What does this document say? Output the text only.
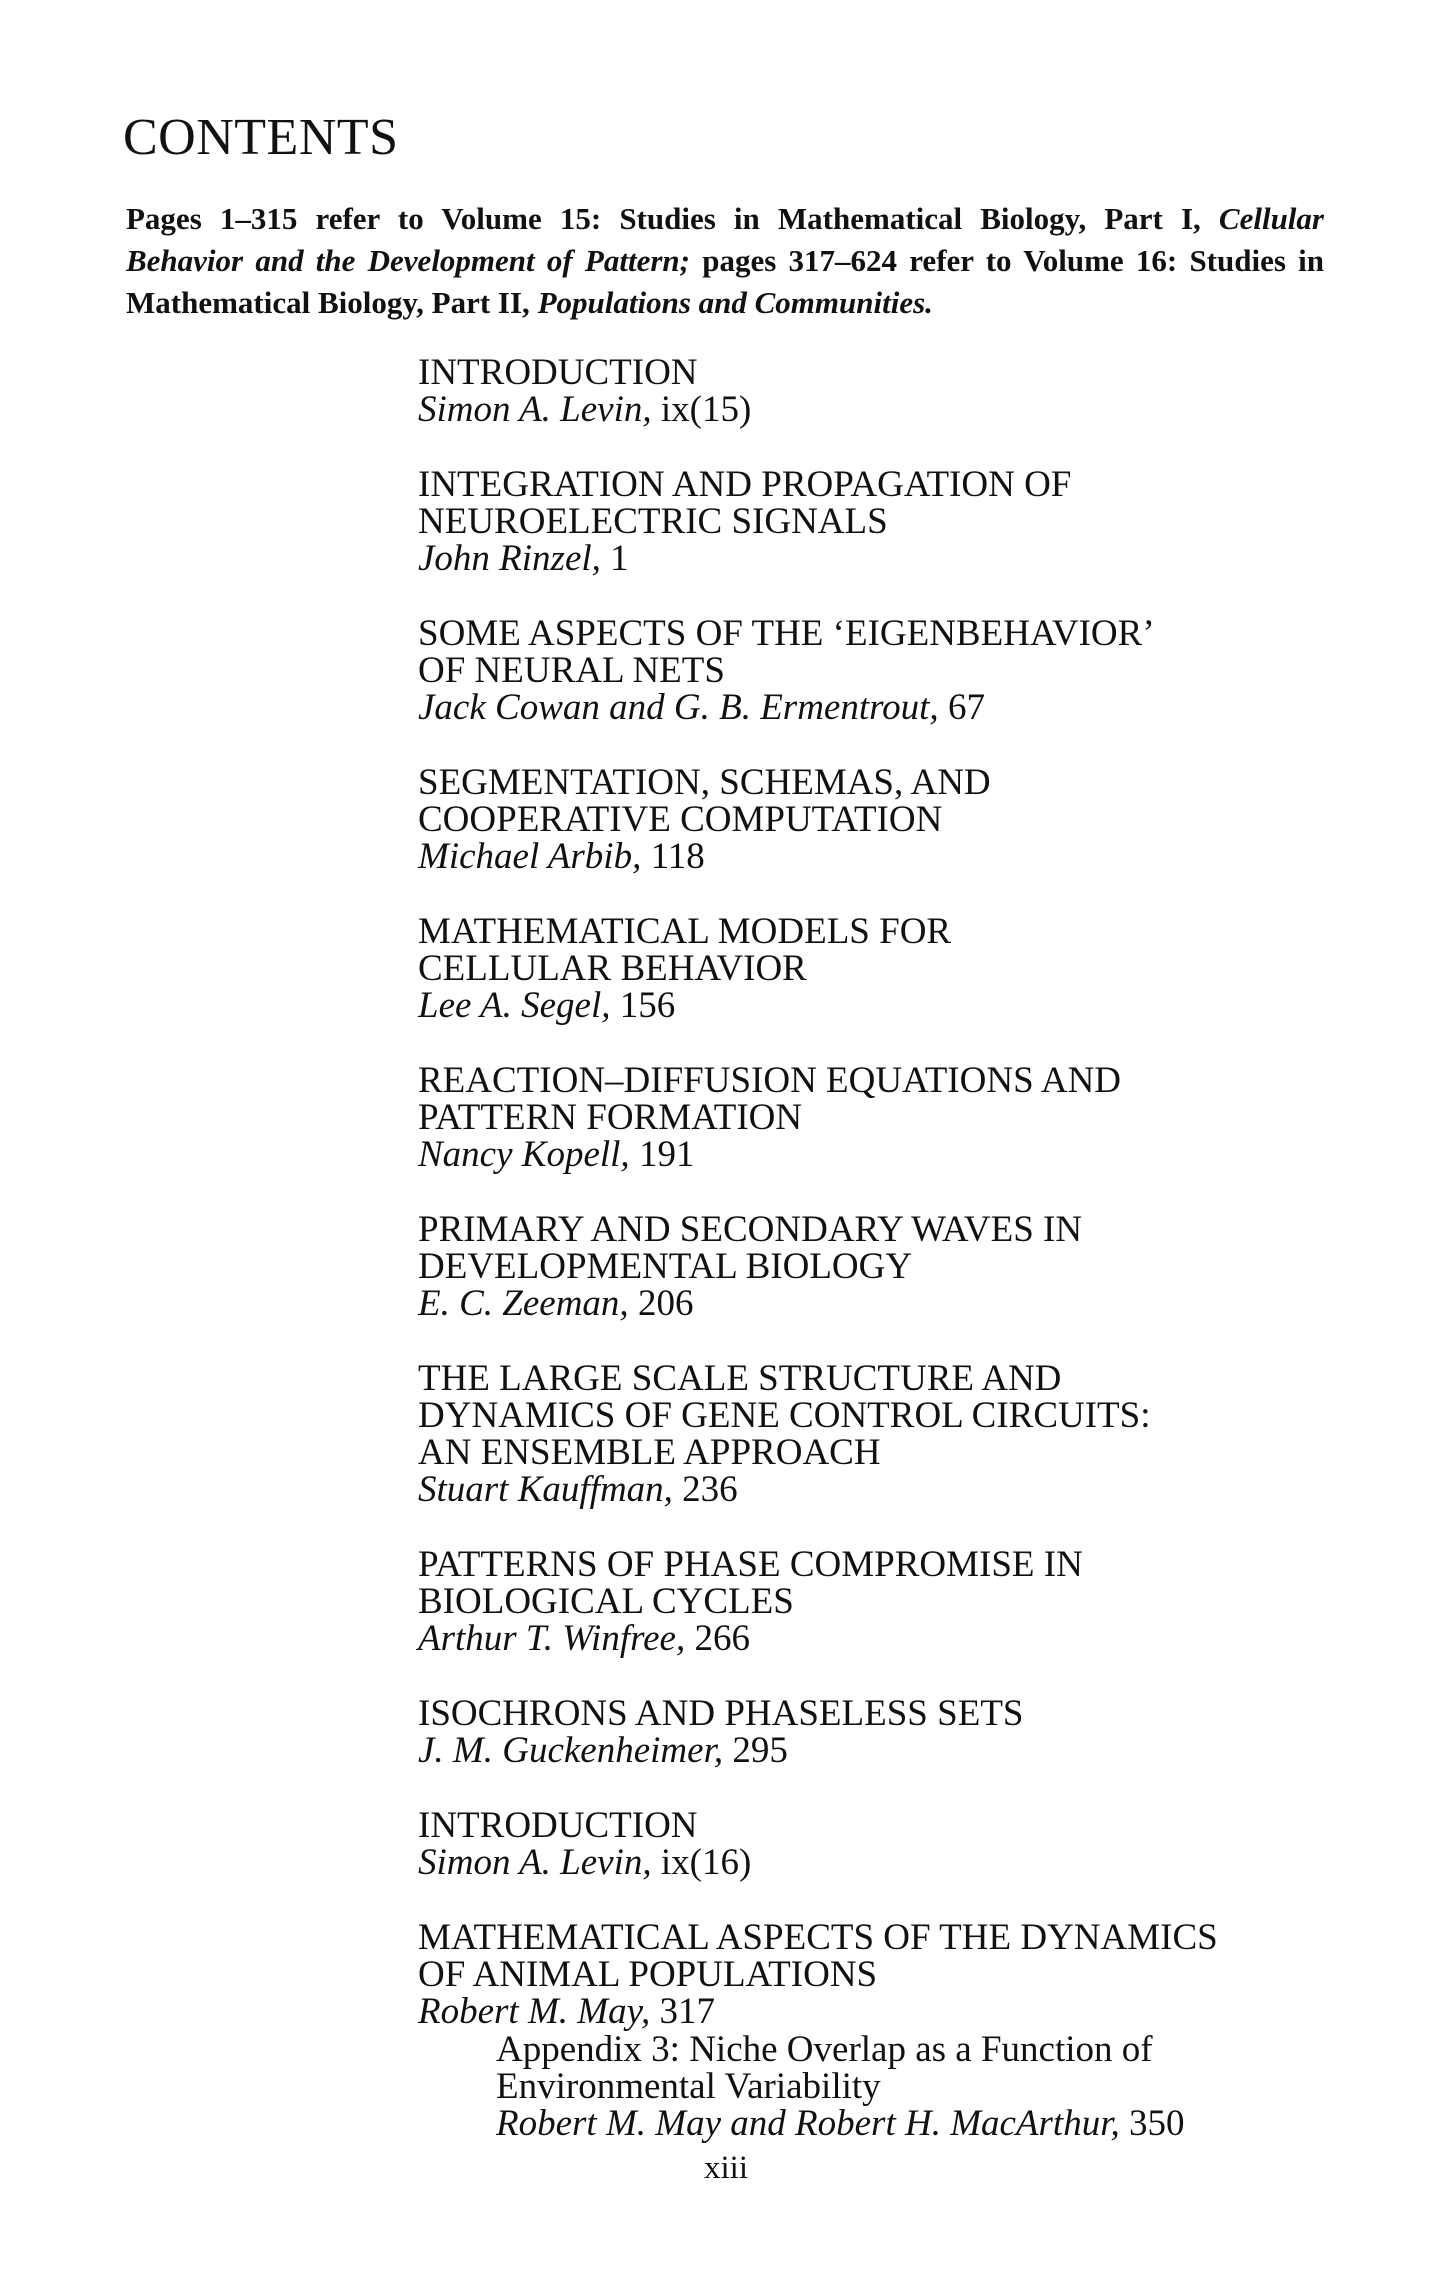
CONTENTS
Pages 1–315 refer to Volume 15: Studies in Mathematical Biology, Part I, Cellular Behavior and the Development of Pattern; pages 317–624 refer to Volume 16: Studies in Mathematical Biology, Part II, Populations and Communities.
INTRODUCTION
Simon A. Levin, ix(15)
INTEGRATION AND PROPAGATION OF
NEUROELECTRIC SIGNALS
John Rinzel, 1
SOME ASPECTS OF THE ‘EIGENBEHAVIOR’
OF NEURAL NETS
Jack Cowan and G. B. Ermentrout, 67
SEGMENTATION, SCHEMAS, AND
COOPERATIVE COMPUTATION
Michael Arbib, 118
MATHEMATICAL MODELS FOR
CELLULAR BEHAVIOR
Lee A. Segel, 156
REACTION–DIFFUSION EQUATIONS AND
PATTERN FORMATION
Nancy Kopell, 191
PRIMARY AND SECONDARY WAVES IN
DEVELOPMENTAL BIOLOGY
E. C. Zeeman, 206
THE LARGE SCALE STRUCTURE AND
DYNAMICS OF GENE CONTROL CIRCUITS:
AN ENSEMBLE APPROACH
Stuart Kauffman, 236
PATTERNS OF PHASE COMPROMISE IN
BIOLOGICAL CYCLES
Arthur T. Winfree, 266
ISOCHRONS AND PHASELESS SETS
J. M. Guckenheimer, 295
INTRODUCTION
Simon A. Levin, ix(16)
MATHEMATICAL ASPECTS OF THE DYNAMICS
OF ANIMAL POPULATIONS
Robert M. May, 317
Appendix 3: Niche Overlap as a Function of
Environmental Variability
Robert M. May and Robert H. MacArthur, 350
xiii
